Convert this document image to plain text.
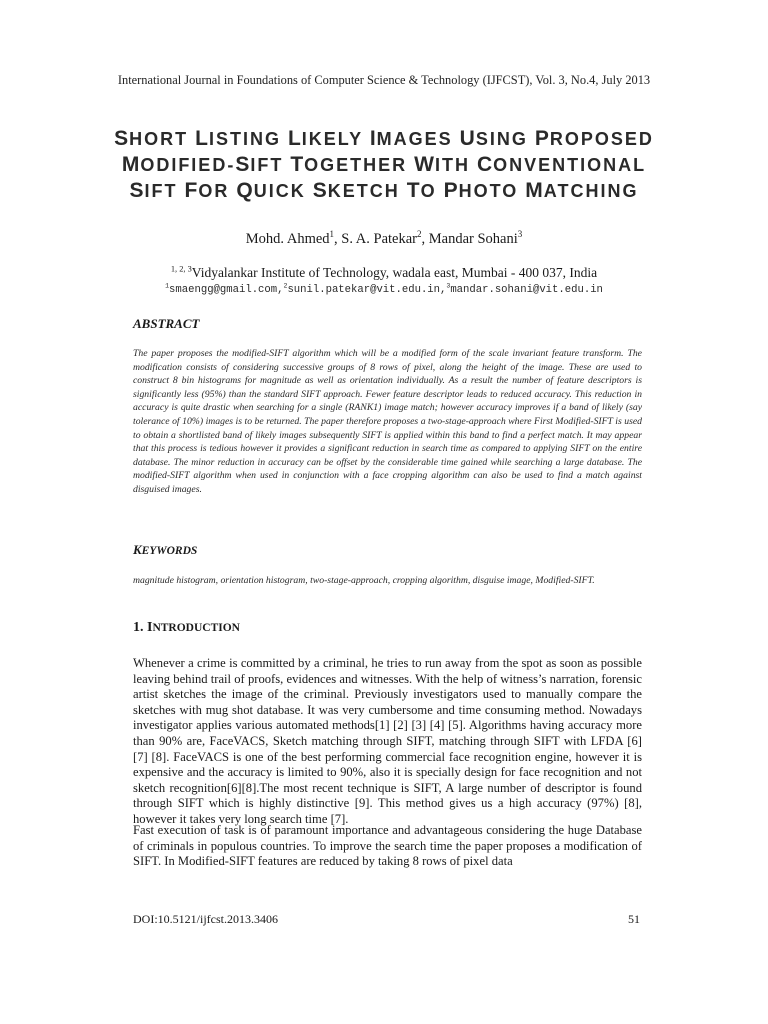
International Journal in Foundations of Computer Science & Technology (IJFCST), Vol. 3, No.4, July 2013
SHORT LISTING LIKELY IMAGES USING PROPOSED
MODIFIED-SIFT TOGETHER WITH CONVENTIONAL
SIFT FOR QUICK SKETCH TO PHOTO MATCHING
Mohd. Ahmed$^1$, S. A. Patekar$^2$, Mandar Sohani$^3$
$^{1, 2, 3}$Vidyalankar Institute of Technology, wadala east, Mumbai - 400 037, India
$^1$smaengg@gmail.com,$^2$sunil.patekar@vit.edu.in,$^3$mandar.sohani@vit.edu.in
ABSTRACT
The paper proposes the modified-SIFT algorithm which will be a modified form of the scale invariant feature transform. The modification consists of considering successive groups of 8 rows of pixel, along the height of the image. These are used to construct 8 bin histograms for magnitude as well as orientation individually. As a result the number of feature descriptors is significantly less (95%) than the standard SIFT approach. Fewer feature descriptor leads to reduced accuracy. This reduction in accuracy is quite drastic when searching for a single (RANK1) image match; however accuracy improves if a band of likely (say tolerance of 10%) images is to be returned. The paper therefore proposes a two-stage-approach where First Modified-SIFT is used to obtain a shortlisted band of likely images subsequently SIFT is applied within this band to find a perfect match. It may appear that this process is tedious however it provides a significant reduction in search time as compared to applying SIFT on the entire database. The minor reduction in accuracy can be offset by the considerable time gained while searching a large database. The modified-SIFT algorithm when used in conjunction with a face cropping algorithm can also be used to find a match against disguised images.
KEYWORDS
magnitude histogram, orientation histogram, two-stage-approach, cropping algorithm, disguise image, Modified-SIFT.
1. INTRODUCTION
Whenever a crime is committed by a criminal, he tries to run away from the spot as soon as possible leaving behind trail of proofs, evidences and witnesses. With the help of witness’s narration, forensic artist sketches the image of the criminal. Previously investigators used to manually compare the sketches with mug shot database. It was very cumbersome and time consuming method. Nowadays investigator applies various automated methods[1] [2] [3] [4] [5]. Algorithms having accuracy more than 90% are, FaceVACS, Sketch matching through SIFT, matching through SIFT with LFDA [6] [7] [8]. FaceVACS is one of the best performing commercial face recognition engine, however it is expensive and the accuracy is limited to 90%, also it is specially design for face recognition and not sketch recognition[6][8].The most recent technique is SIFT, A large number of descriptor is found through SIFT which is highly distinctive [9]. This method gives us a high accuracy (97%) [8], however it takes very long search time [7].
Fast execution of task is of paramount importance and advantageous considering the huge Database of criminals in populous countries. To improve the search time the paper proposes a modification of SIFT. In Modified-SIFT features are reduced by taking 8 rows of pixel data
DOI:10.5121/ijfcst.2013.3406	51
